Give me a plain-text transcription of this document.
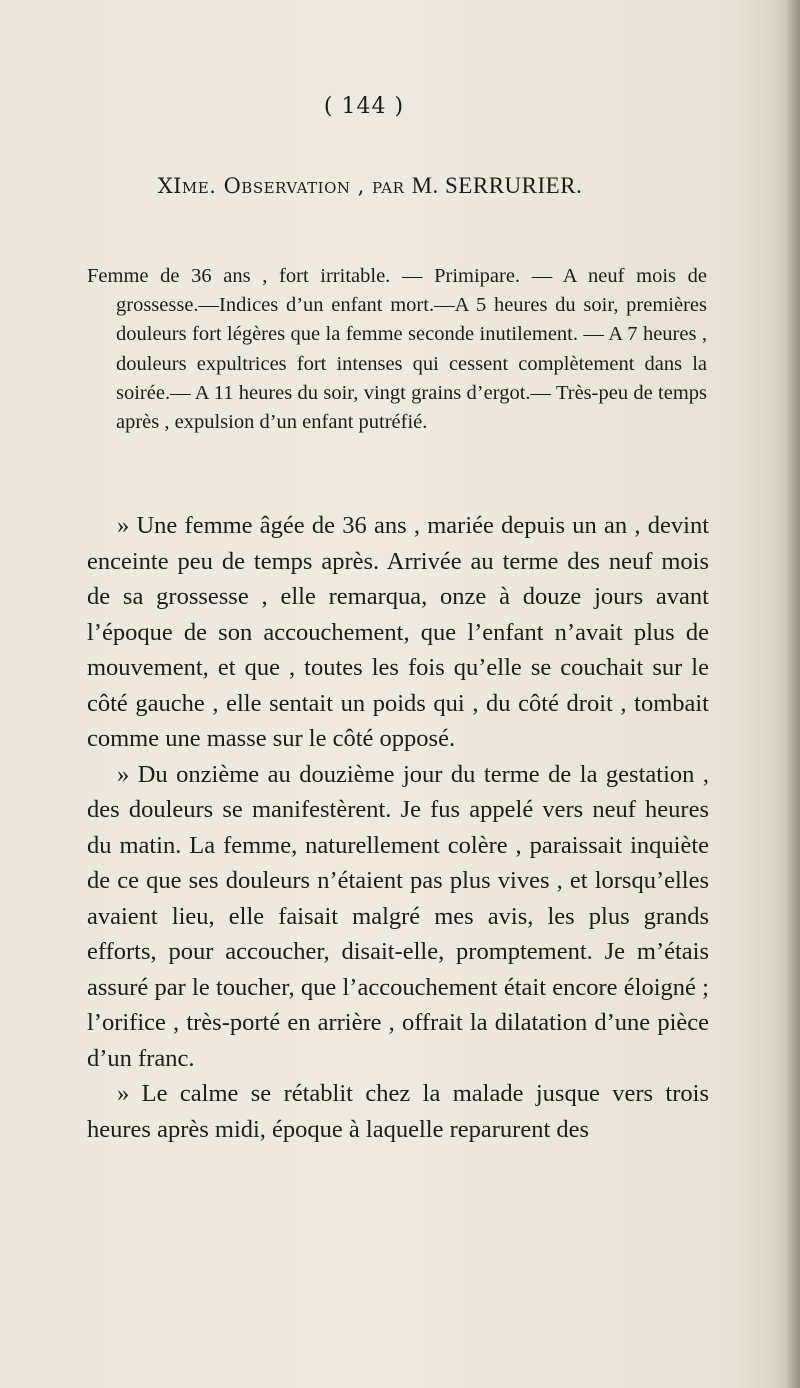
( 144 )
XIme. Observation , par M. SERRURIER.

Femme de 36 ans , fort irritable. — Primipare. — A neuf mois de grossesse.—Indices d’un enfant mort.—A 5 heures du soir, premières douleurs fort légères que la femme seconde inutilement. — A 7 heures , douleurs expultrices fort intenses qui cessent complètement dans la soirée.— A 11 heures du soir, vingt grains d’ergot.— Très-peu de temps après , expulsion d’un enfant putréfié.

» Une femme âgée de 36 ans , mariée depuis un an , devint enceinte peu de temps après. Arrivée au terme des neuf mois de sa grossesse , elle remarqua, onze à douze jours avant l’époque de son accouchement, que l’enfant n’avait plus de mouvement, et que , toutes les fois qu’elle se couchait sur le côté gauche , elle sentait un poids qui , du côté droit , tombait comme une masse sur le côté opposé.

» Du onzième au douzième jour du terme de la gestation , des douleurs se manifestèrent. Je fus appelé vers neuf heures du matin. La femme, naturellement colère , paraissait inquiète de ce que ses douleurs n’étaient pas plus vives , et lorsqu’elles avaient lieu, elle faisait malgré mes avis, les plus grands efforts, pour accoucher, disait-elle, promptement. Je m’étais assuré par le toucher, que l’accouchement était encore éloigné ; l’orifice , très-porté en arrière , offrait la dilatation d’une pièce d’un franc.

» Le calme se rétablit chez la malade jusque vers trois heures après midi, époque à laquelle reparurent des
